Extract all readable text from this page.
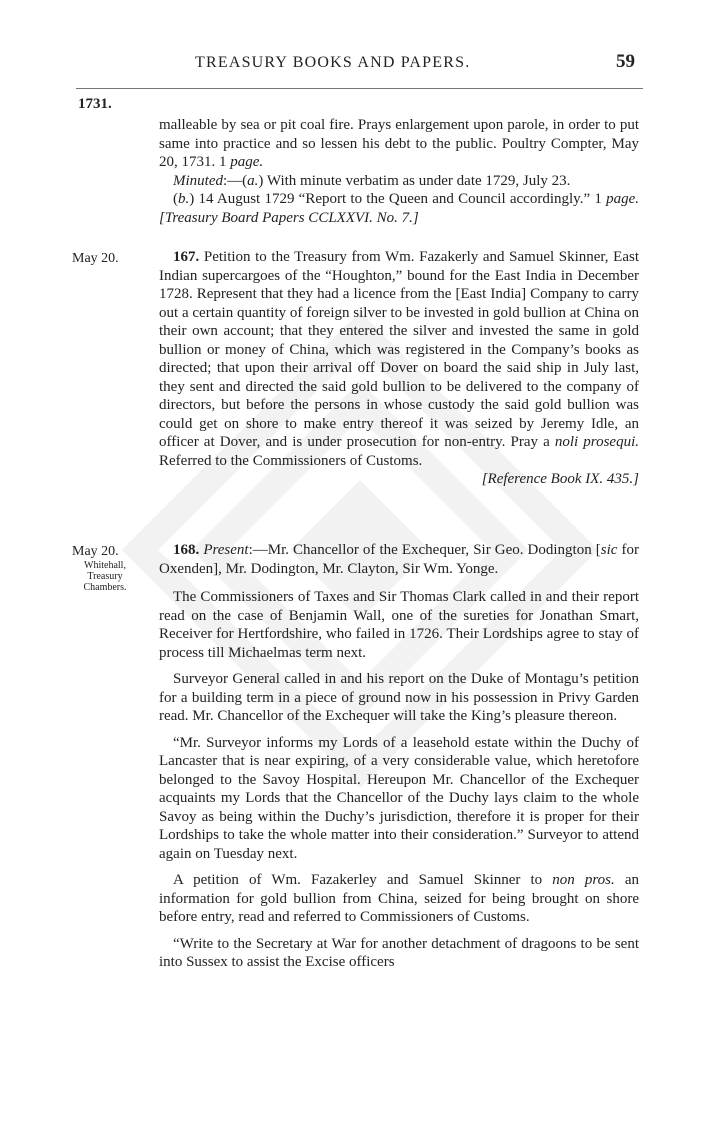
TREASURY BOOKS AND PAPERS.	59
1731.

malleable by sea or pit coal fire. Prays enlargement upon parole, in order to put same into practice and so lessen his debt to the public. Poultry Compter, May 20, 1731. 1 page.

Minuted:—(a.) With minute verbatim as under date 1729, July 23.

(b.) 14 August 1729 “Report to the Queen and Council accordingly.” 1 page. [Treasury Board Papers CCLXXVI. No. 7.]

May 20.	167. Petition to the Treasury from Wm. Fazakerly and Samuel Skinner, East Indian supercargoes of the “Houghton,” bound for the East India in December 1728. Represent that they had a licence from the [East India] Company to carry out a certain quantity of foreign silver to be invested in gold bullion at China on their own account; that they entered the silver and invested the same in gold bullion or money of China, which was registered in the Company’s books as directed; that upon their arrival off Dover on board the said ship in July last, they sent and directed the said gold bullion to be delivered to the company of directors, but before the persons in whose custody the said gold bullion was could get on shore to make entry thereof it was seized by Jeremy Idle, an officer at Dover, and is under prosecution for non-entry. Pray a noli prosequi. Referred to the Commissioners of Customs.

[Reference Book IX. 435.]

May 20.
Whitehall,
Treasury
Chambers.

168. Present:—Mr. Chancellor of the Exchequer, Sir Geo. Dodington [sic for Oxenden], Mr. Dodington, Mr. Clayton, Sir Wm. Yonge.

The Commissioners of Taxes and Sir Thomas Clark called in and their report read on the case of Benjamin Wall, one of the sureties for Jonathan Smart, Receiver for Hertfordshire, who failed in 1726. Their Lordships agree to stay of process till Michaelmas term next.

Surveyor General called in and his report on the Duke of Montagu’s petition for a building term in a piece of ground now in his possession in Privy Garden read. Mr. Chancellor of the Exchequer will take the King’s pleasure thereon.

“Mr. Surveyor informs my Lords of a leasehold estate within the Duchy of Lancaster that is near expiring, of a very considerable value, which heretofore belonged to the Savoy Hospital. Hereupon Mr. Chancellor of the Exchequer acquaints my Lords that the Chancellor of the Duchy lays claim to the whole Savoy as being within the Duchy’s jurisdiction, therefore it is proper for their Lordships to take the whole matter into their consideration.” Surveyor to attend again on Tuesday next.

A petition of Wm. Fazakerley and Samuel Skinner to non pros. an information for gold bullion from China, seized for being brought on shore before entry, read and referred to Commissioners of Customs.

“Write to the Secretary at War for another detachment of dragoons to be sent into Sussex to assist the Excise officers
